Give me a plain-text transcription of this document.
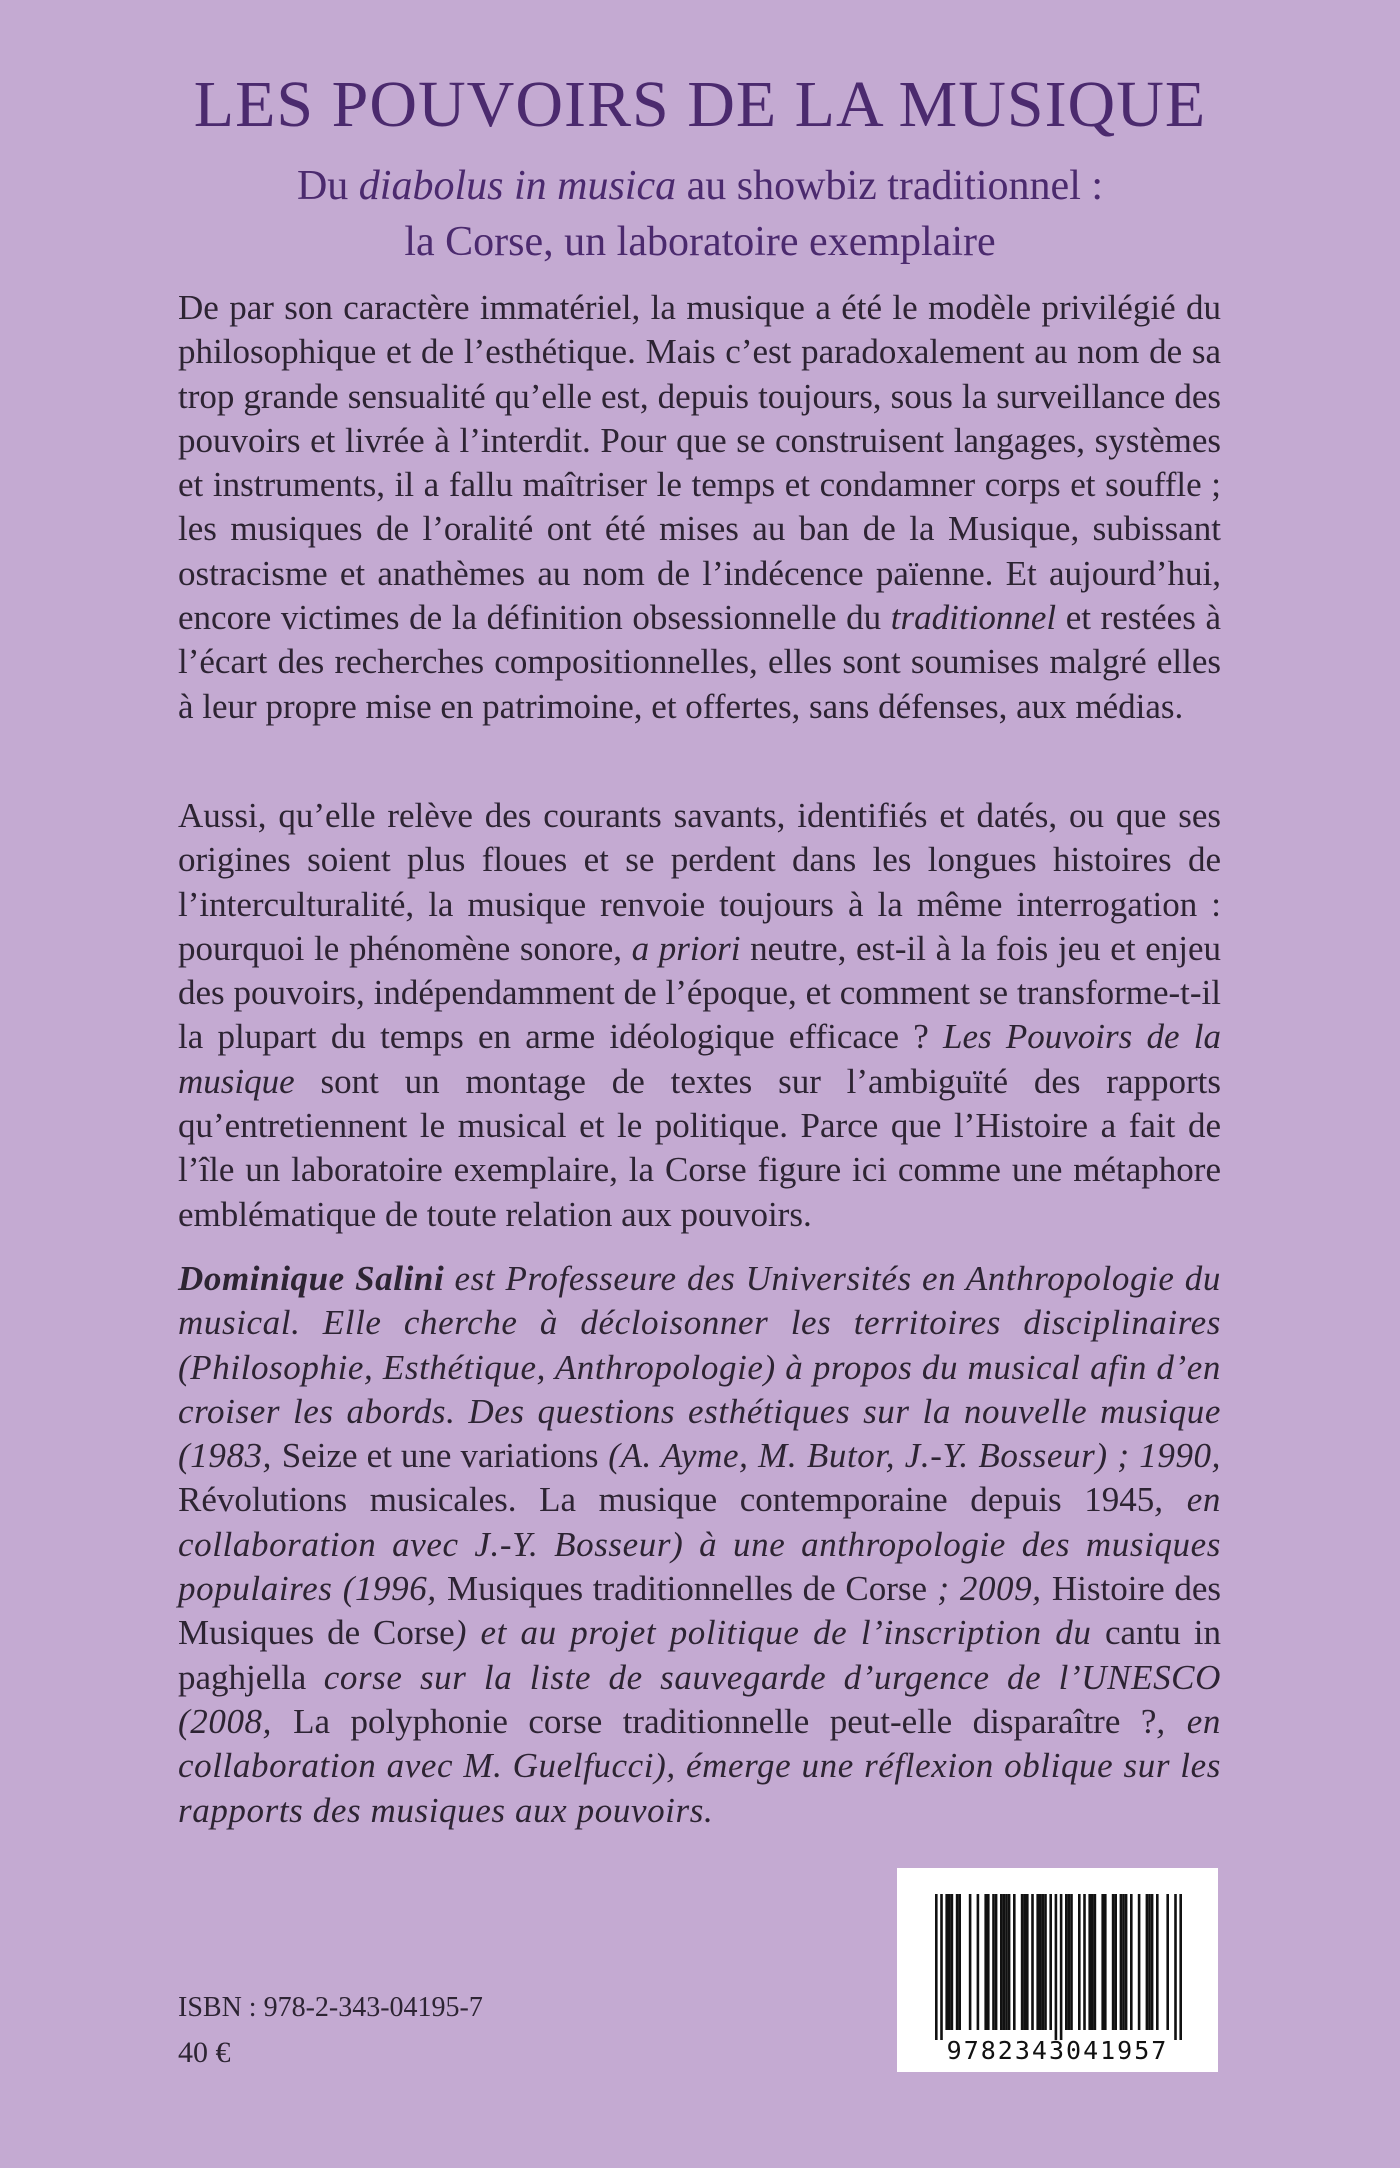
LES POUVOIRS DE LA MUSIQUE
Du diabolus in musica au showbiz traditionnel :
la Corse, un laboratoire exemplaire

De par son caractère immatériel, la musique a été le modèle privilégié du philosophique et de l’esthétique. Mais c’est paradoxalement au nom de sa trop grande sensualité qu’elle est, depuis toujours, sous la surveillance des pouvoirs et livrée à l’interdit. Pour que se construisent langages, systèmes et instruments, il a fallu maîtriser le temps et condamner corps et souffle ; les musiques de l’oralité ont été mises au ban de la Musique, subissant ostracisme et anathèmes au nom de l’indécence païenne. Et aujourd’hui, encore victimes de la définition obsessionnelle du traditionnel et restées à l’écart des recherches compositionnelles, elles sont soumises malgré elles à leur propre mise en patrimoine, et offertes, sans défenses, aux médias.

Aussi, qu’elle relève des courants savants, identifiés et datés, ou que ses origines soient plus floues et se perdent dans les longues histoires de l’interculturalité, la musique renvoie toujours à la même interrogation : pourquoi le phénomène sonore, a priori neutre, est-il à la fois jeu et enjeu des pouvoirs, indépendamment de l’époque, et comment se transforme-t-il la plupart du temps en arme idéologique efficace ? Les Pouvoirs de la musique sont un montage de textes sur l’ambiguïté des rapports qu’entretiennent le musical et le politique. Parce que l’Histoire a fait de l’île un laboratoire exemplaire, la Corse figure ici comme une métaphore emblématique de toute relation aux pouvoirs.

Dominique Salini est Professeure des Universités en Anthropologie du musical. Elle cherche à décloisonner les territoires disciplinaires (Philosophie, Esthétique, Anthropologie) à propos du musical afin d’en croiser les abords. Des questions esthétiques sur la nouvelle musique (1983, Seize et une variations (A. Ayme, M. Butor, J.-Y. Bosseur) ; 1990, Révolutions musicales. La musique contemporaine depuis 1945, en collaboration avec J.-Y. Bosseur) à une anthropologie des musiques populaires (1996, Musiques traditionnelles de Corse ; 2009, Histoire des Musiques de Corse) et au projet politique de l’inscription du cantu in paghjella corse sur la liste de sauvegarde d’urgence de l’UNESCO (2008, La polyphonie corse traditionnelle peut-elle disparaître ?, en collaboration avec M. Guelfucci), émerge une réflexion oblique sur les rapports des musiques aux pouvoirs.

ISBN : 978-2-343-04195-7
40 €	9782343041957
